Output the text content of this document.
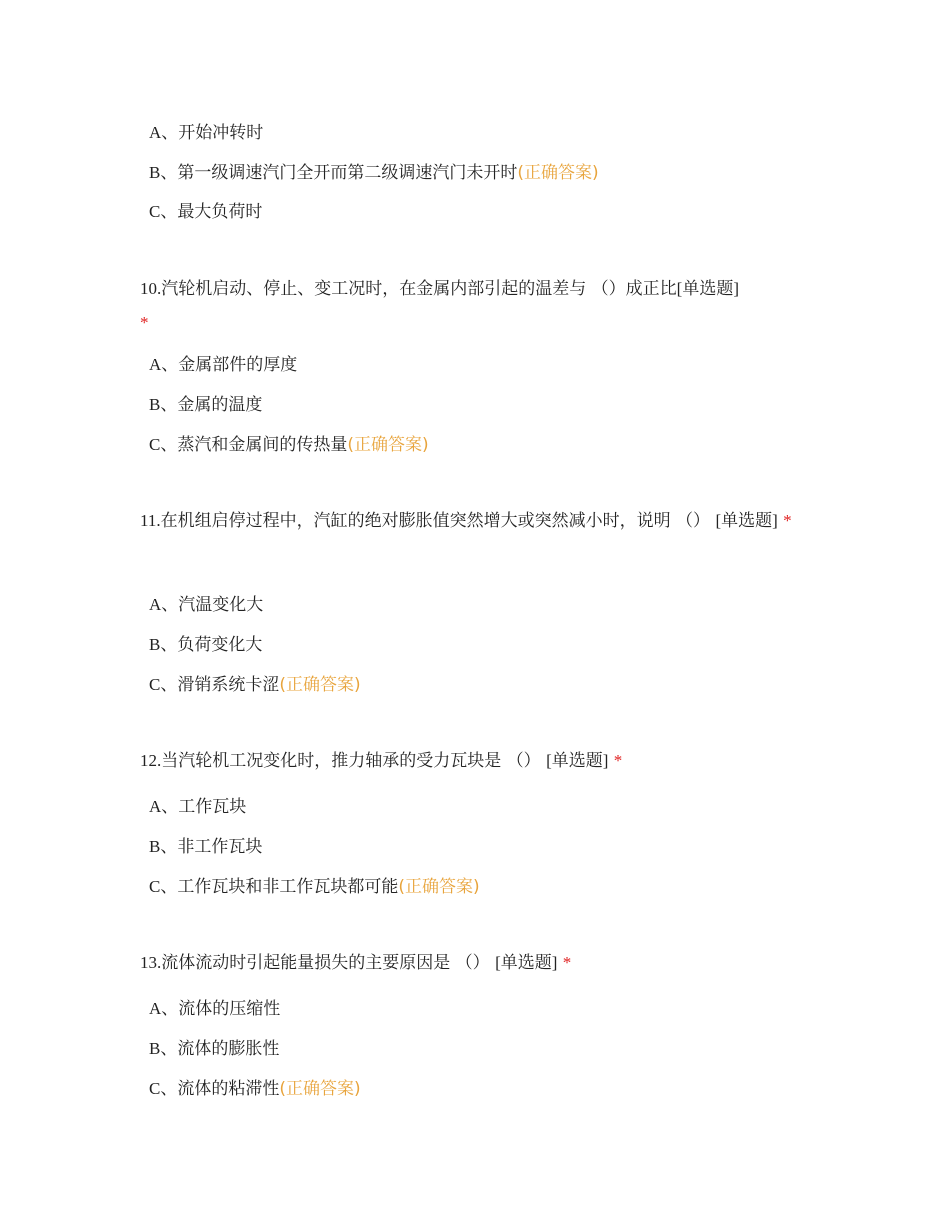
A、开始冲转时
B、第一级调速汽门全开而第二级调速汽门未开时(正确答案)
C、最大负荷时
10.汽轮机启动、停止、变工况时，在金属内部引起的温差与 （）成正比[单选题]
*
A、金属部件的厚度
B、金属的温度
C、蒸汽和金属间的传热量(正确答案)
11.在机组启停过程中，汽缸的绝对膨胀值突然增大或突然减小时，说明 （） [单选题] *
A、汽温变化大
B、负荷变化大
C、滑销系统卡涩(正确答案)
12.当汽轮机工况变化时，推力轴承的受力瓦块是 （） [单选题] *
A、工作瓦块
B、非工作瓦块
C、工作瓦块和非工作瓦块都可能(正确答案)
13.流体流动时引起能量损失的主要原因是 （） [单选题] *
A、流体的压缩性
B、流体的膨胀性
C、流体的粘滞性(正确答案)
